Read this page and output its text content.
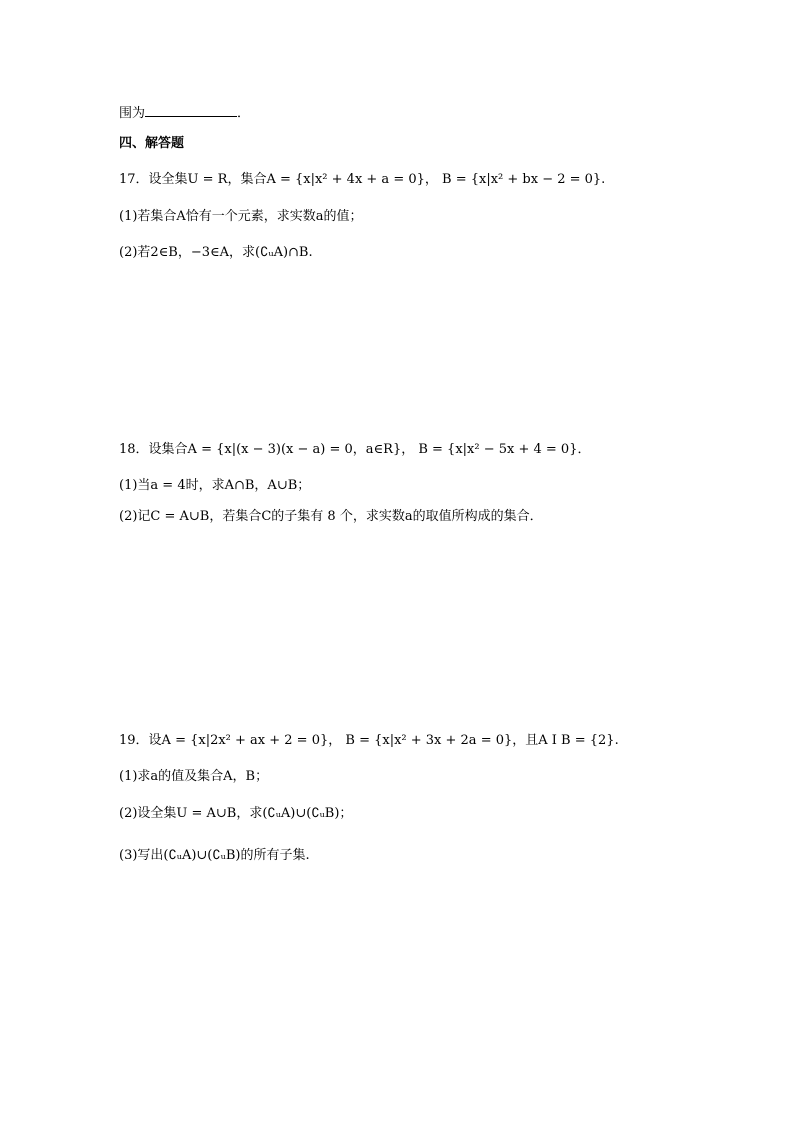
围为	．
四、解答题
17．设全集U = R，集合A = {x|x² + 4x + a = 0}， B = {x|x² + bx − 2 = 0}.
(1)若集合A恰有一个元素，求实数a的值；
(2)若2∈B，−3∈A，求(∁ᵤA)∩B.
18．设集合A = {x|(x − 3)(x − a) = 0，a∈R}， B = {x|x² − 5x + 4 = 0}．
(1)当a = 4时，求A∩B，A∪B；
(2)记C = A∪B，若集合C的子集有 8 个，求实数a的取值所构成的集合．
19．设A = {x|2x² + ax + 2 = 0}， B = {x|x² + 3x + 2a = 0}，且A I B = {2}.
(1)求a的值及集合A，B；
(2)设全集U = A∪B，求(∁ᵤA)∪(∁ᵤB)；
(3)写出(∁ᵤA)∪(∁ᵤB)的所有子集.
